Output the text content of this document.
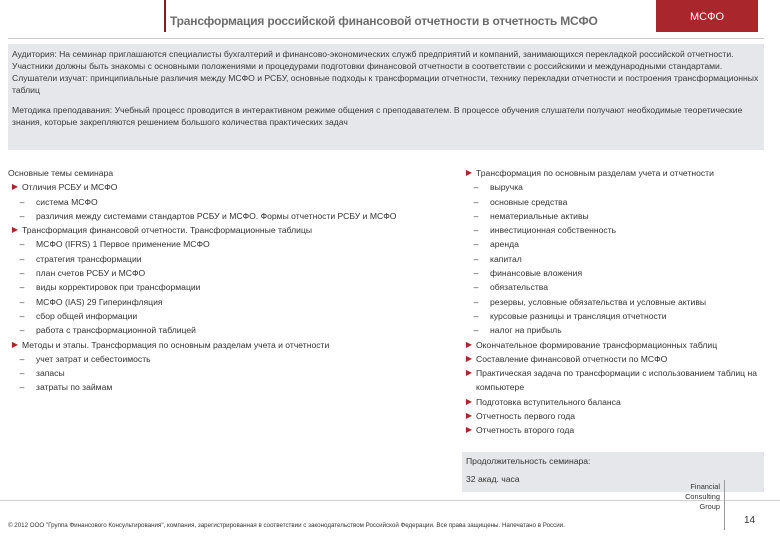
Трансформация российской финансовой отчетности в отчетность МСФО	МСФО

Аудитория: На семинар приглашаются специалисты бухгалтерий и финансово-экономических служб предприятий и компаний, занимающихся перекладкой российской отчетности. Участники должны быть знакомы с основными положениями и процедурами подготовки финансовой отчетности в соответствии с российскими и международными стандартами. Слушатели изучат: принципиальные различия между МСФО и РСБУ, основные подходы к трансформации отчетности, технику перекладки отчетности и построения трансформационных таблиц

Методика преподавания: Учебный процесс проводится в интерактивном режиме общения с преподавателем. В процессе обучения слушатели получают необходимые теоретические знания, которые закрепляются решением большого количества практических задач

Основные темы семинара
▶ Отличия РСБУ и МСФО
–
система МСФО
–
различия между системами стандартов РСБУ и МСФО. Формы отчетности РСБУ и МСФО
▶ Трансформация финансовой отчетности. Трансформационные таблицы
–
МСФО (IFRS) 1 Первое применение МСФО
–
стратегия трансформации
–
план счетов РСБУ и МСФО
–
виды корректировок при трансформации
–
МСФО (IAS) 29 Гиперинфляция
–
сбор общей информации
–
работа с трансформационной таблицей
▶ Методы и этапы. Трансформация по основным разделам учета и отчетности
–
учет затрат и себестоимость
–
запасы
–
затраты по займам
▶ Трансформация по основным разделам учета и отчетности
–
выручка
–
основные средства
–
нематериальные активы
–
инвестиционная собственность
–
аренда
–
капитал
–
финансовые вложения
–
обязательства
–
резервы, условные обязательства и условные активы
–
курсовые разницы и трансляция отчетности
–
налог на прибыль
▶ Окончательное формирование трансформационных таблиц
▶ Составление финансовой отчетности по МСФО
▶ Практическая задача по трансформации с использованием таблиц на компьютере
▶ Подготовка вступительного баланса
▶ Отчетность первого года
▶ Отчетность второго года
Продолжительность семинара:
32 акад. часа
© 2012 ООО "Группа Финансового Консультирования", компания, зарегистрированная в соответствии с законодательством Российской Федерации. Все права защищены. Напечатано в России.
Financial
Consulting
Group
14
